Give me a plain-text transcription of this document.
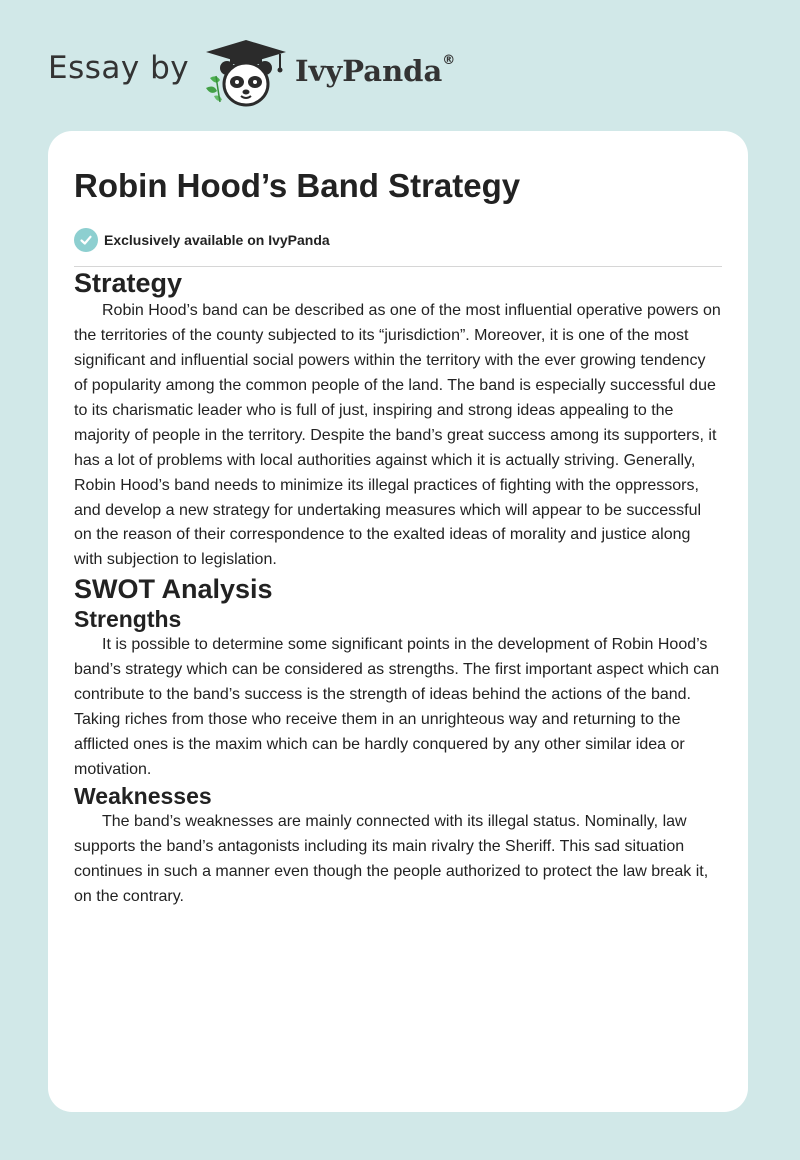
Essay by	IvyPanda®
Robin Hood’s Band Strategy
Exclusively available on IvyPanda
Strategy

Robin Hood’s band can be described as one of the most influential operative powers on the territories of the county subjected to its “jurisdiction”. Moreover, it is one of the most significant and influential social powers within the territory with the ever growing tendency of popularity among the common people of the land. The band is especially successful due to its charismatic leader who is full of just, inspiring and strong ideas appealing to the majority of people in the territory. Despite the band’s great success among its supporters, it has a lot of problems with local authorities against which it is actually striving. Generally, Robin Hood’s band needs to minimize its illegal practices of fighting with the oppressors, and develop a new strategy for undertaking measures which will appear to be successful on the reason of their correspondence to the exalted ideas of morality and justice along with subjection to legislation.

SWOT Analysis
Strengths

It is possible to determine some significant points in the development of Robin Hood’s band’s strategy which can be considered as strengths. The first important aspect which can contribute to the band’s success is the strength of ideas behind the actions of the band. Taking riches from those who receive them in an unrighteous way and returning to the afflicted ones is the maxim which can be hardly conquered by any other similar idea or motivation.

Weaknesses

The band’s weaknesses are mainly connected with its illegal status. Nominally, law supports the band’s antagonists including its main rivalry the Sheriff. This sad situation continues in such a manner even though the people authorized to protect the law break it, on the contrary.
